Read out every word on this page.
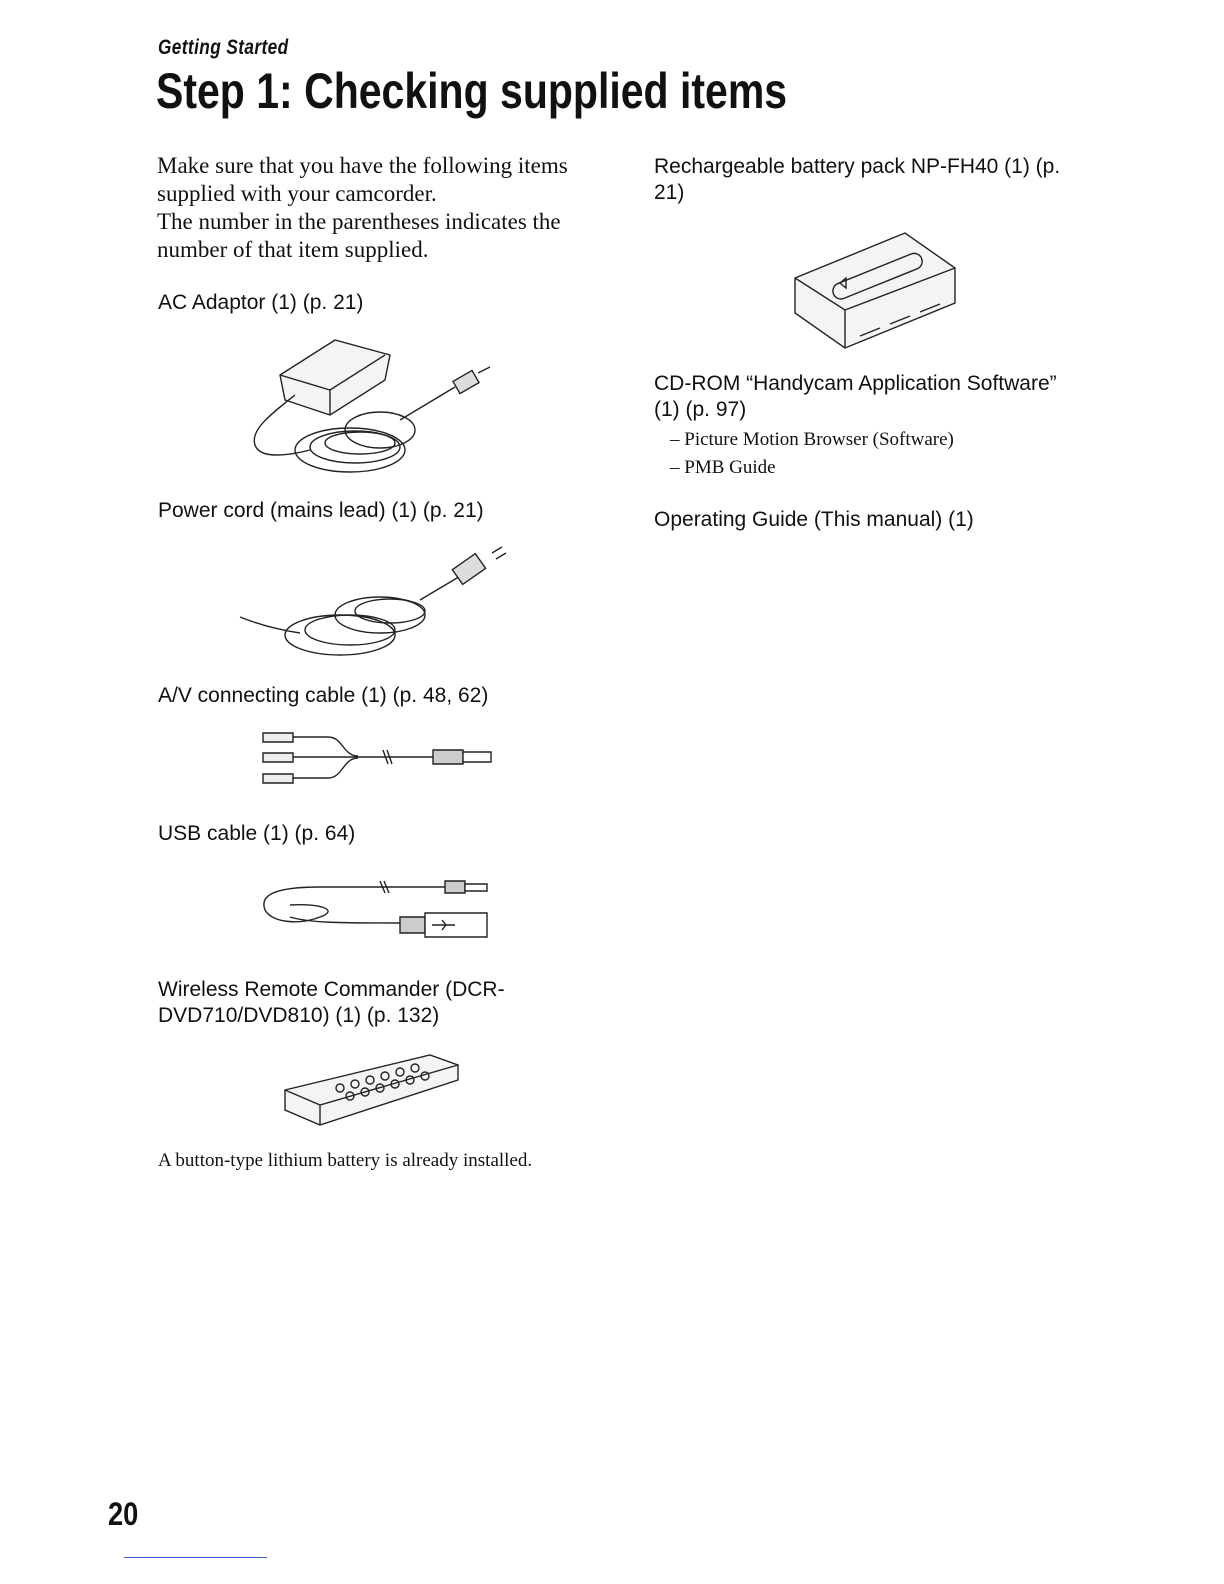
Getting Started
Step 1: Checking supplied items

Make sure that you have the following items supplied with your camcorder.

The number in the parentheses indicates the number of that item supplied.

AC Adaptor (1) (p. 21)
Power cord (mains lead) (1) (p. 21)
A/V connecting cable (1) (p. 48, 62)
USB cable (1) (p. 64)
Wireless Remote Commander (DCR-DVD710/DVD810) (1) (p. 132)
A button-type lithium battery is already installed.
Rechargeable battery pack NP-FH40 (1) (p. 21)
CD-ROM “Handycam Application Software” (1) (p. 97)
– Picture Motion Browser (Software)
– PMB Guide
Operating Guide (This manual) (1)
20
